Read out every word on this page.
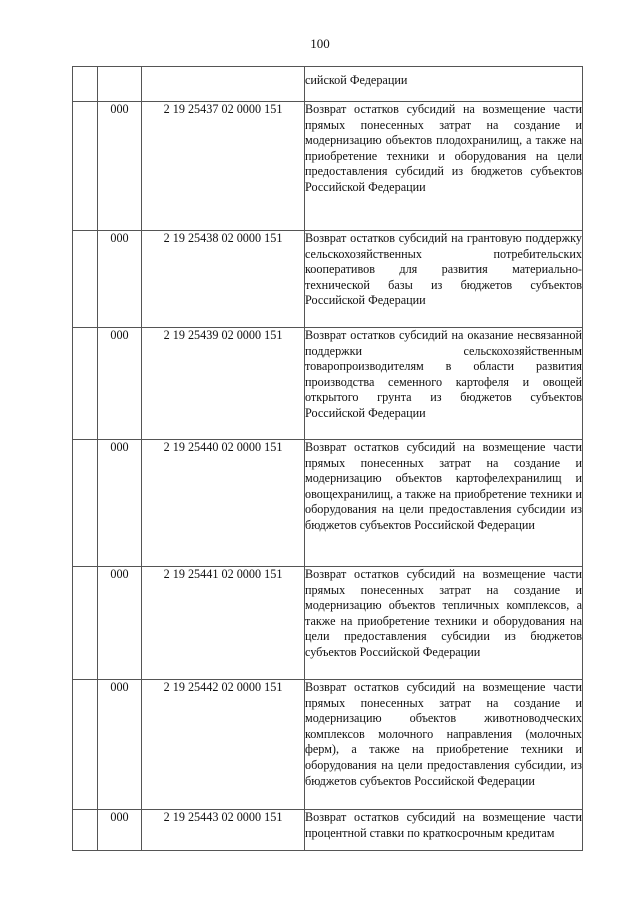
100
			сийской Федерации
	000	2 19 25437 02 0000 151	Возврат остатков субсидий на возмещение части прямых понесенных затрат на создание и модернизацию объектов плодохранилищ, а также на приобретение техники и оборудования на цели предоставления субсидий из бюджетов субъектов Российской Федерации
	000	2 19 25438 02 0000 151	Возврат остатков субсидий на грантовую поддержку сельскохозяйственных потребительских кооперативов для развития материально-технической базы из бюджетов субъектов Российской Федерации
	000	2 19 25439 02 0000 151	Возврат остатков субсидий на оказание несвязанной поддержки сельскохозяйственным товаропроизводителям в области развития производства семенного картофеля и овощей открытого грунта из бюджетов субъектов Российской Федерации
	000	2 19 25440 02 0000 151	Возврат остатков субсидий на возмещение части прямых понесенных затрат на создание и модернизацию объектов картофелехранилищ и овощехранилищ, а также на приобретение техники и оборудования на цели предоставления субсидии из бюджетов субъектов Российской Федерации
	000	2 19 25441 02 0000 151	Возврат остатков субсидий на возмещение части прямых понесенных затрат на создание и модернизацию объектов тепличных комплексов, а также на приобретение техники и оборудования на цели предоставления субсидии из бюджетов субъектов Российской Федерации
	000	2 19 25442 02 0000 151	Возврат остатков субсидий на возмещение части прямых понесенных затрат на создание и модернизацию объектов животноводческих комплексов молочного направления (молочных ферм), а также на приобретение техники и оборудования на цели предоставления субсидии, из бюджетов субъектов Российской Федерации
	000	2 19 25443 02 0000 151	Возврат остатков субсидий на возмещение части процентной ставки по краткосрочным кредитам
